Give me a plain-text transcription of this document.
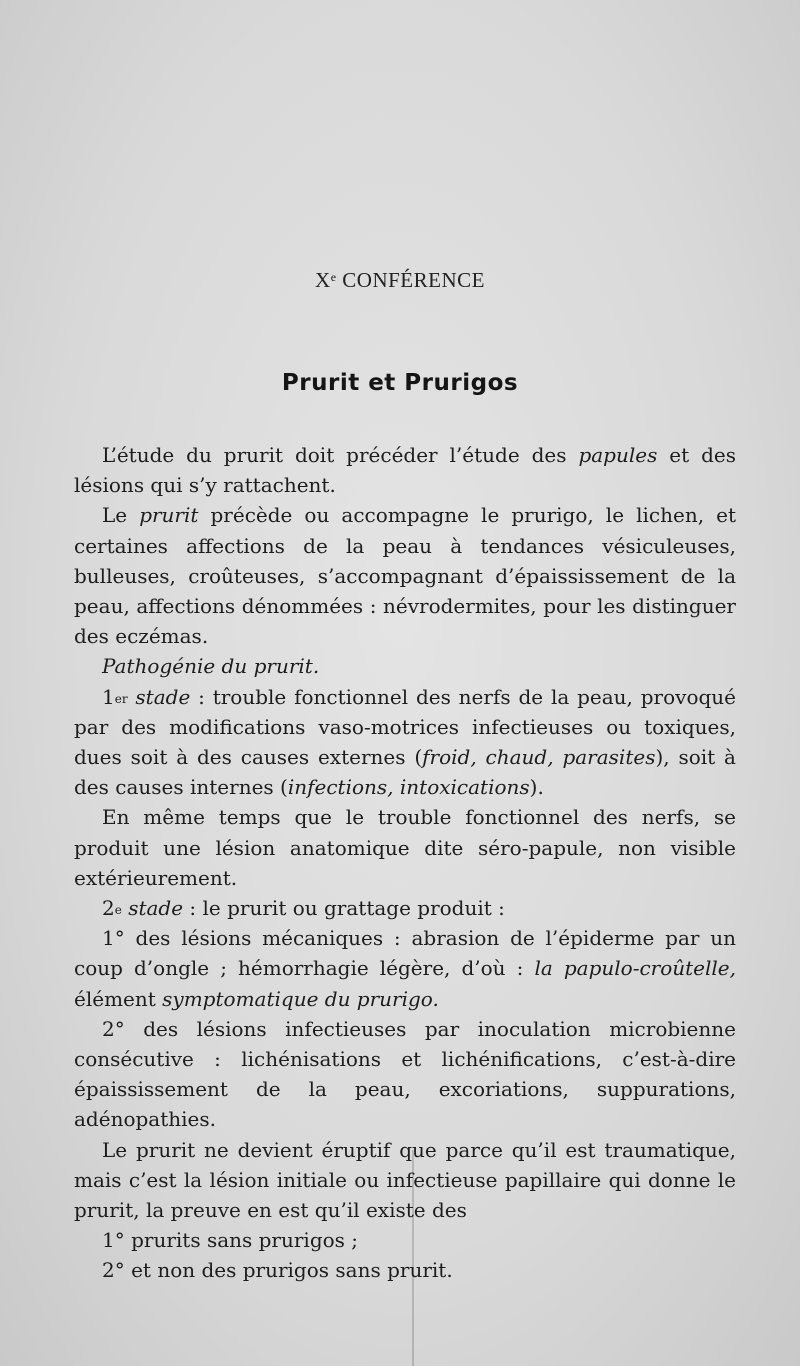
Xe CONFÉRENCE
Prurit et Prurigos

L’étude du prurit doit précéder l’étude des papules et des lésions qui s’y rattachent.

Le prurit précède ou accompagne le prurigo, le lichen, et certaines affections de la peau à tendances vésiculeuses, bulleuses, croûteuses, s’accompagnant d’épaississement de la peau, affections dénommées : névrodermites, pour les distinguer des eczémas.

Pathogénie du prurit.

1er stade : trouble fonctionnel des nerfs de la peau, provoqué par des modifications vaso-motrices infectieuses ou toxiques, dues soit à des causes externes (froid, chaud, parasites), soit à des causes internes (infections, intoxications).

En même temps que le trouble fonctionnel des nerfs, se produit une lésion anatomique dite séro-papule, non visible extérieurement.

2e stade : le prurit ou grattage produit :

1° des lésions mécaniques : abrasion de l’épiderme par un coup d’ongle ; hémorrhagie légère, d’où : la papulo-croûtelle, élément symptomatique du prurigo.

2° des lésions infectieuses par inoculation microbienne consécutive : lichénisations et lichénifications, c’est-à-dire épaississement de la peau, excoriations, suppurations, adénopathies.

Le prurit ne devient éruptif que parce qu’il est traumatique, mais c’est la lésion initiale ou infectieuse papillaire qui donne le prurit, la preuve en est qu’il existe des

1° prurits sans prurigos ;

2° et non des prurigos sans prurit.
